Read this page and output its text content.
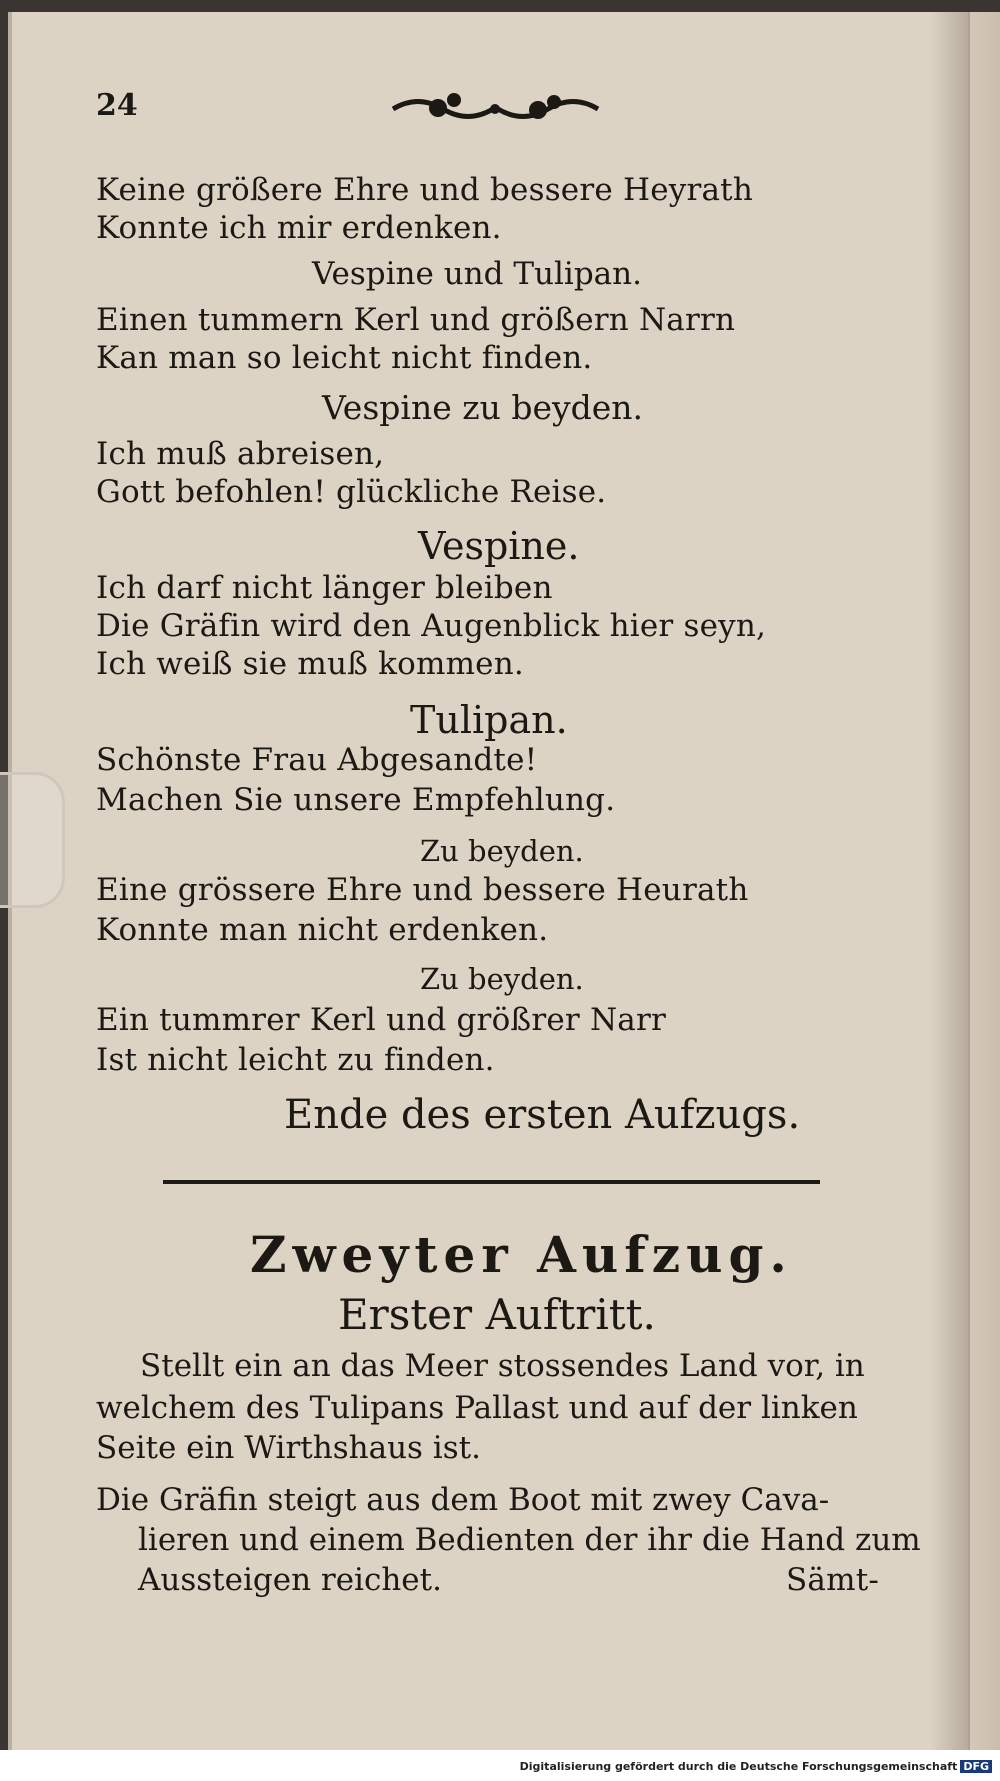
24
Keine größere Ehre und bessere Heyrath
Konnte ich mir erdenken.
Vespine und Tulipan.
Einen tummern Kerl und größern Narrn
Kan man so leicht nicht finden.
Vespine zu beyden.
Ich muß abreisen,
Gott befohlen! glückliche Reise.
Vespine.
Ich darf nicht länger bleiben
Die Gräfin wird den Augenblick hier seyn,
Ich weiß sie muß kommen.
Tulipan.
Schönste Frau Abgesandte!
Machen Sie unsere Empfehlung.
Zu beyden.
Eine grössere Ehre und bessere Heurath
Konnte man nicht erdenken.
Zu beyden.
Ein tummrer Kerl und größrer Narr
Ist nicht leicht zu finden.
Ende des ersten Aufzugs.
Zweyter Aufzug.
Erster Auftritt.
Stellt ein an das Meer stossendes Land vor, in
welchem des Tulipans Pallast und auf der linken
Seite ein Wirthshaus ist.
Die Gräfin steigt aus dem Boot mit zwey Cava-
lieren und einem Bedienten der ihr die Hand zum
Aussteigen reichet.	Sämt-
Digitalisierung gefördert durch die Deutsche Forschungsgemeinschaft DFG
